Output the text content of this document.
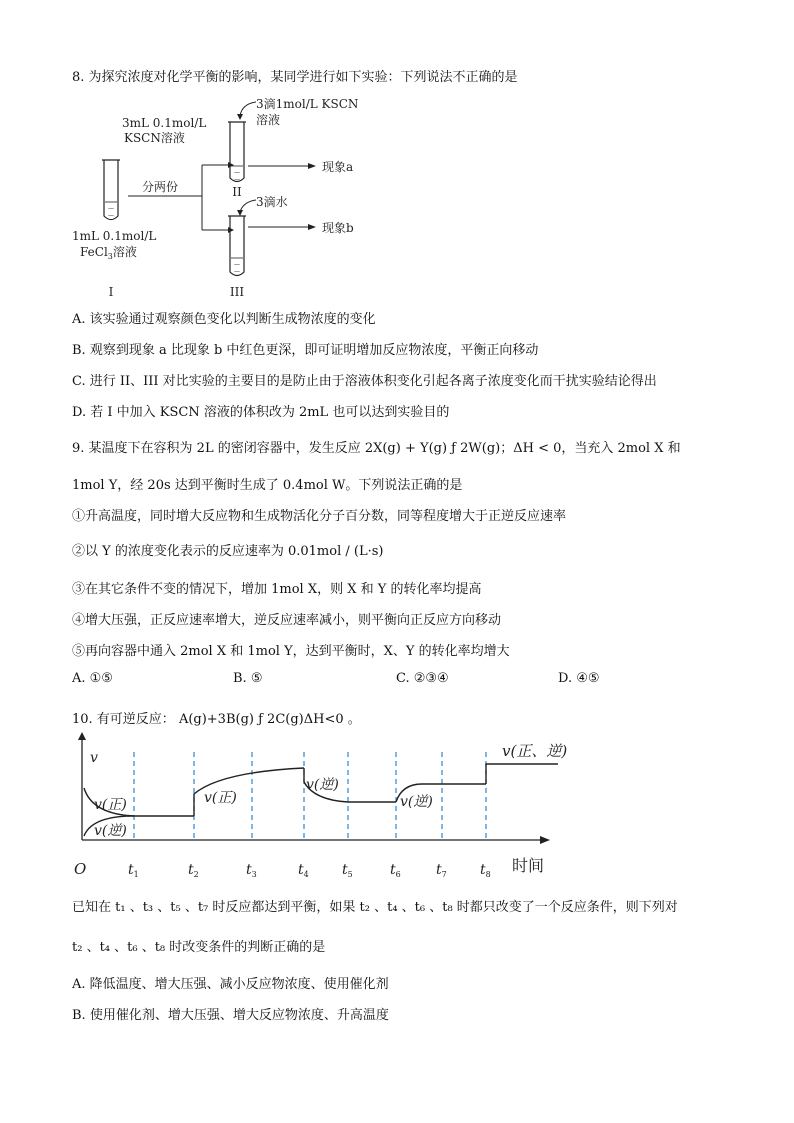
8. 为探究浓度对化学平衡的影响，某同学进行如下实验：下列说法不正确的是
—
—
3mL 0.1mol/L
KSCN溶液
1mL 0.1mol/L
FeCl$_3$溶液
I
分两份
—
—
3滴1mol/L KSCN
溶液
II
现象a
—
—
3滴水
III
现象b
A. 该实验通过观察颜色变化以判断生成物浓度的变化
B. 观察到现象 a 比现象 b 中红色更深，即可证明增加反应物浓度，平衡正向移动
C. 进行 II、III 对比实验的主要目的是防止由于溶液体积变化引起各离子浓度变化而干扰实验结论得出
D. 若 I 中加入 KSCN 溶液的体积改为 2mL 也可以达到实验目的
9. 某温度下在容积为 2L 的密闭容器中，发生反应 2X(g) + Y(g) ƒ 2W(g)；ΔH < 0，当充入 2mol X 和
1mol Y，经 20s 达到平衡时生成了 0.4mol W。下列说法正确的是
①升高温度，同时增大反应物和生成物活化分子百分数，同等程度增大于正逆反应速率
②以 Y 的浓度变化表示的反应速率为 0.01mol / (L·s)
③在其它条件不变的情况下，增加 1mol X，则 X 和 Y 的转化率均提高
④增大压强，正反应速率增大，逆反应速率减小，则平衡向正反应方向移动
⑤再向容器中通入 2mol X 和 1mol Y，达到平衡时，X、Y 的转化率均增大
A. ①⑤	B. ⑤	C. ②③④	D. ④⑤
10. 有可逆反应： A(g)+3B(g) ƒ 2C(g)ΔH<0 。
v
O	时间
$t_1$	$t_2$	$t_3$	$t_4$ $t_5$	$t_6$	$t_7$ $t_8$
v(正)
v(逆)
v(正)
v(逆)
v(逆)
v(正、逆)
已知在 t₁ 、t₃ 、t₅ 、t₇ 时反应都达到平衡，如果 t₂ 、t₄ 、t₆ 、t₈ 时都只改变了一个反应条件，则下列对
t₂ 、t₄ 、t₆ 、t₈ 时改变条件的判断正确的是
A. 降低温度、增大压强、减小反应物浓度、使用催化剂
B. 使用催化剂、增大压强、增大反应物浓度、升高温度
